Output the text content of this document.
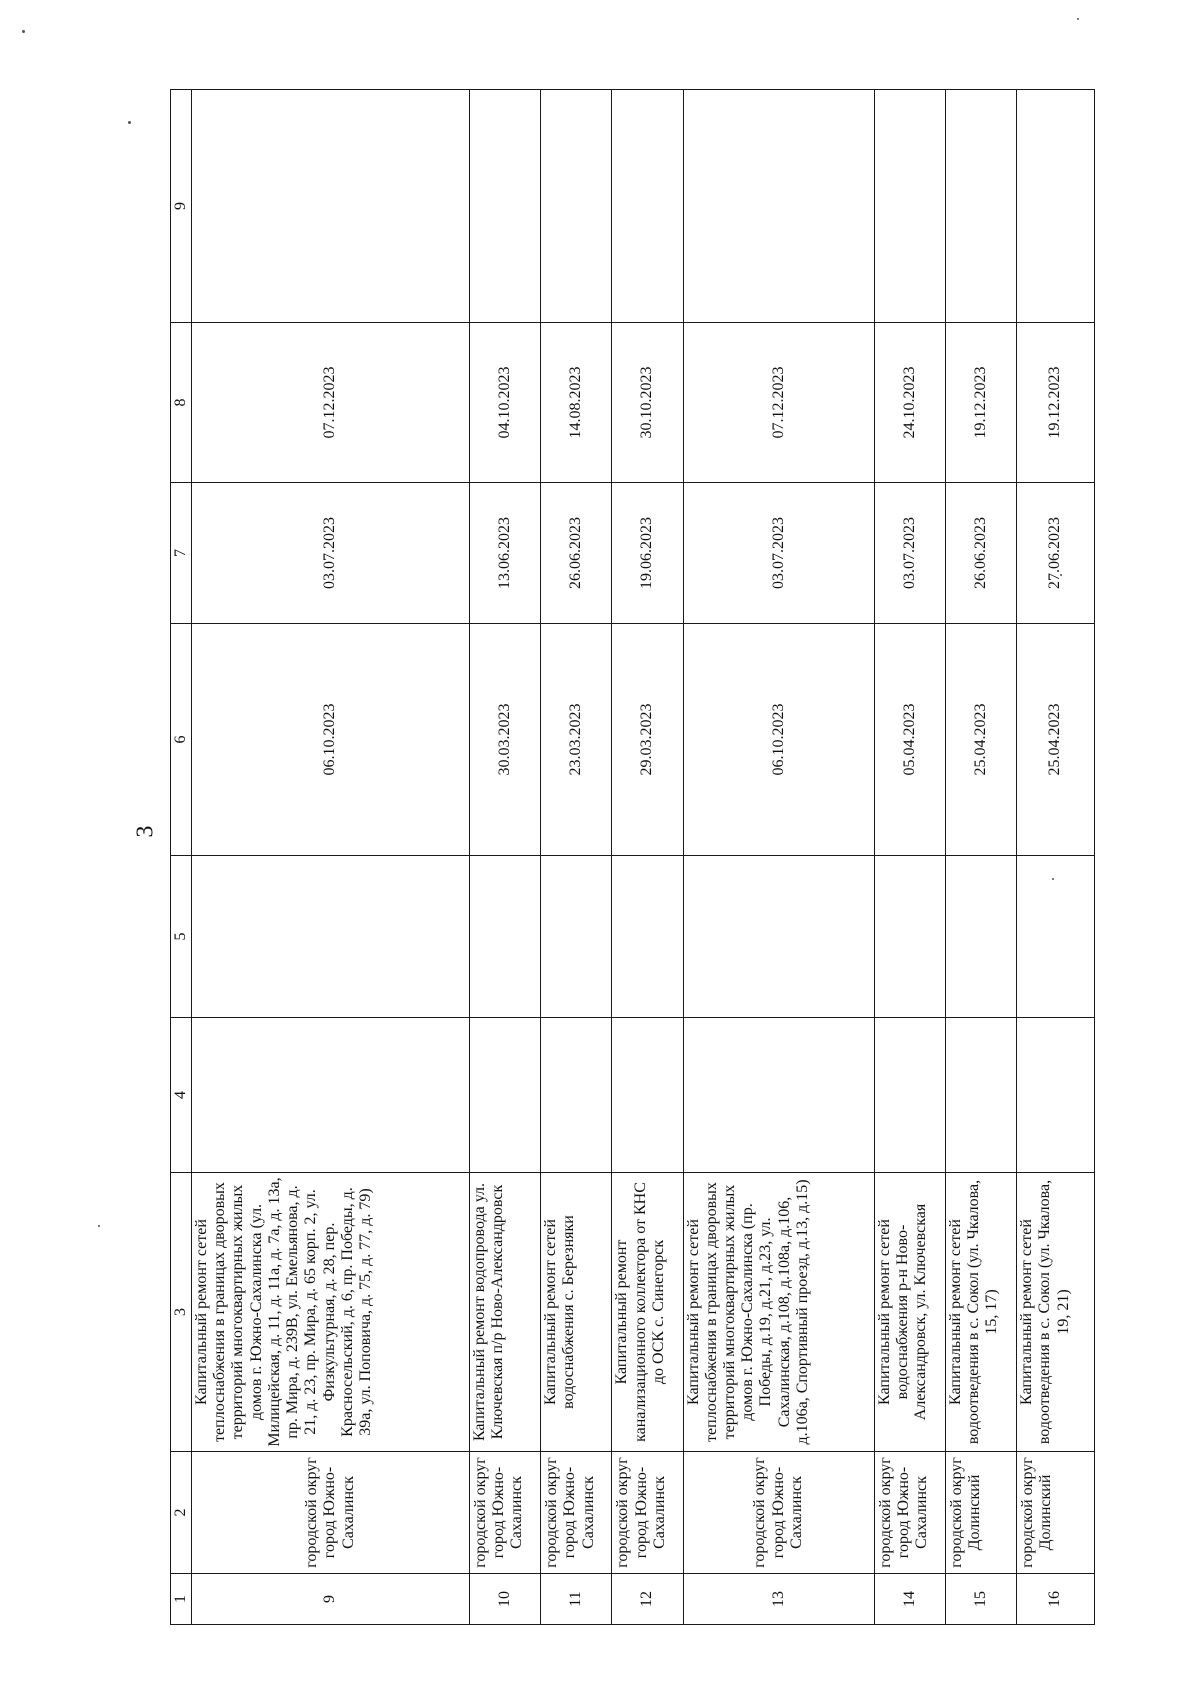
3
1	2	3	4	5	6	7	8	9
9	городской округ город Южно-Сахалинск	Капитальный ремонт сетей теплоснабжения в границах дворовых территорий многоквартирных жилых домов г. Южно-Сахалинска (ул. Милицейская, д. 11, д. 11а, д. 7а, д. 13а, пр. Мира, д. 239В, ул. Емельянова, д. 21, д. 23, пр. Мира, д. 65 корп. 2, ул. Физкультурная, д. 28, пер. Красносельский, д. 6, пр. Победы, д. 39а, ул. Поповича, д. 75, д. 77, д. 79)			06.10.2023	03.07.2023	07.12.2023	
10	городской округ город Южно-Сахалинск	Капитальный ремонт водопровода ул. Ключевская п/р Ново-Александровск			30.03.2023	13.06.2023	04.10.2023	
11	городской округ город Южно-Сахалинск	Капитальный ремонт сетей водоснабжения с. Березняки			23.03.2023	26.06.2023	14.08.2023	
12	городской округ город Южно-Сахалинск	Капитальный ремонт канализационного коллектора от КНС до ОСК с. Синегорск			29.03.2023	19.06.2023	30.10.2023	
13	городской округ город Южно-Сахалинск	Капитальный ремонт сетей теплоснабжения в границах дворовых территорий многоквартирных жилых домов г. Южно-Сахалинска (пр. Победы, д.19, д.21, д.23, ул. Сахалинская, д.108, д.108а, д.106, д.106а, Спортивный проезд, д.13, д.15)			06.10.2023	03.07.2023	07.12.2023	
14	городской округ город Южно-Сахалинск	Капитальный ремонт сетей водоснабжения р-н Ново-Александровск, ул. Ключевская			05.04.2023	03.07.2023	24.10.2023	
15	городской округ Долинский	Капитальный ремонт сетей водоотведения в с. Сокол (ул. Чкалова, 15, 17)			25.04.2023	26.06.2023	19.12.2023	
16	городской округ Долинский	Капитальный ремонт сетей водоотведения в с. Сокол (ул. Чкалова, 19, 21)			25.04.2023	27.06.2023	19.12.2023	
